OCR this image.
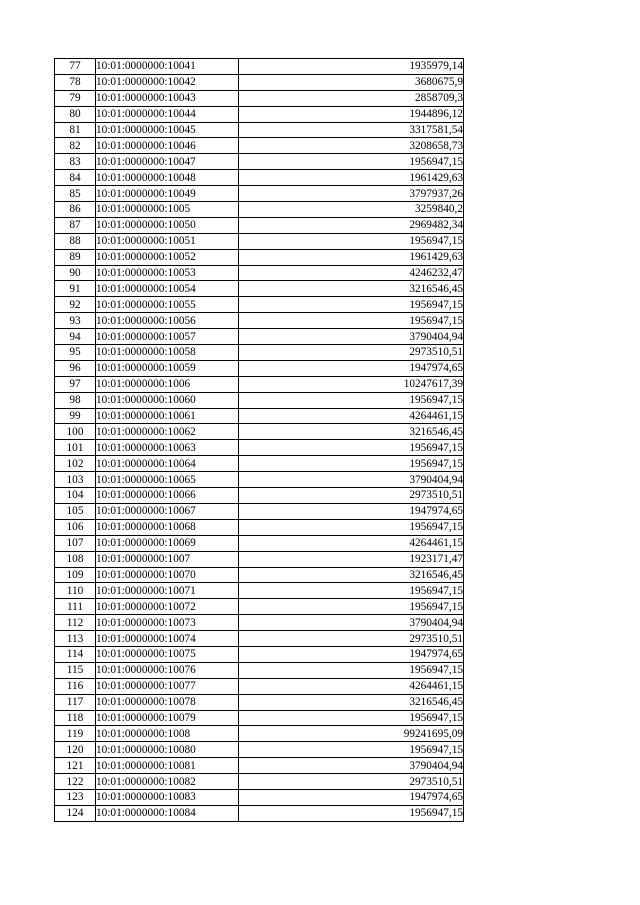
77	10:01:0000000:10041	1935979,14
78	10:01:0000000:10042	3680675,9
79	10:01:0000000:10043	2858709,3
80	10:01:0000000:10044	1944896,12
81	10:01:0000000:10045	3317581,54
82	10:01:0000000:10046	3208658,73
83	10:01:0000000:10047	1956947,15
84	10:01:0000000:10048	1961429,63
85	10:01:0000000:10049	3797937,26
86	10:01:0000000:1005	3259840,2
87	10:01:0000000:10050	2969482,34
88	10:01:0000000:10051	1956947,15
89	10:01:0000000:10052	1961429,63
90	10:01:0000000:10053	4246232,47
91	10:01:0000000:10054	3216546,45
92	10:01:0000000:10055	1956947,15
93	10:01:0000000:10056	1956947,15
94	10:01:0000000:10057	3790404,94
95	10:01:0000000:10058	2973510,51
96	10:01:0000000:10059	1947974,65
97	10:01:0000000:1006	10247617,39
98	10:01:0000000:10060	1956947,15
99	10:01:0000000:10061	4264461,15
100	10:01:0000000:10062	3216546,45
101	10:01:0000000:10063	1956947,15
102	10:01:0000000:10064	1956947,15
103	10:01:0000000:10065	3790404,94
104	10:01:0000000:10066	2973510,51
105	10:01:0000000:10067	1947974,65
106	10:01:0000000:10068	1956947,15
107	10:01:0000000:10069	4264461,15
108	10:01:0000000:1007	1923171,47
109	10:01:0000000:10070	3216546,45
110	10:01:0000000:10071	1956947,15
111	10:01:0000000:10072	1956947,15
112	10:01:0000000:10073	3790404,94
113	10:01:0000000:10074	2973510,51
114	10:01:0000000:10075	1947974,65
115	10:01:0000000:10076	1956947,15
116	10:01:0000000:10077	4264461,15
117	10:01:0000000:10078	3216546,45
118	10:01:0000000:10079	1956947,15
119	10:01:0000000:1008	99241695,09
120	10:01:0000000:10080	1956947,15
121	10:01:0000000:10081	3790404,94
122	10:01:0000000:10082	2973510,51
123	10:01:0000000:10083	1947974,65
124	10:01:0000000:10084	1956947,15
